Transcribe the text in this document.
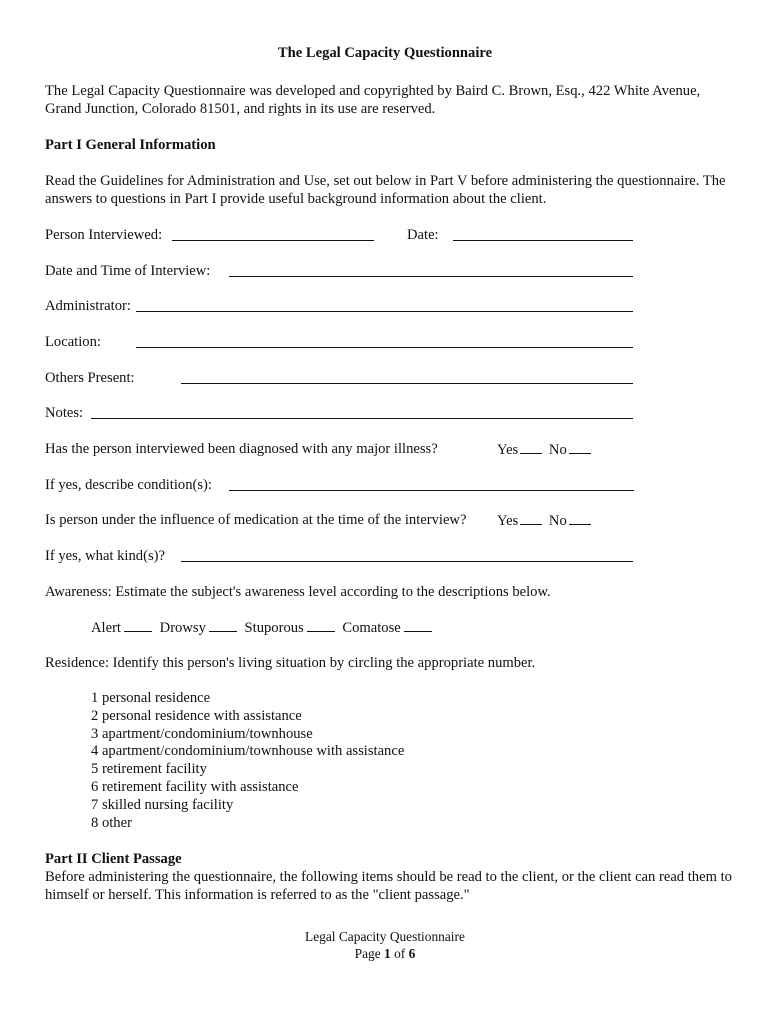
The Legal Capacity Questionnaire
The Legal Capacity Questionnaire was developed and copyrighted by Baird C. Brown, Esq., 422 White Avenue, Grand Junction, Colorado 81501, and rights in its use are reserved.
Part I General Information
Read the Guidelines for Administration and Use, set out below in Part V before administering the questionnaire. The answers to questions in Part I provide useful background information about the client.
Person Interviewed:	Date:
Date and Time of Interview:
Administrator:
Location:
Others Present:
Notes:
Has the person interviewed been diagnosed with any major illness?	Yes No
If yes, describe condition(s):
Is person under the influence of medication at the time of the interview? Yes No
If yes, what kind(s)?
Awareness: Estimate the subject's awareness level according to the descriptions below.
Alert	Drowsy	Stuporous	Comatose
Residence: Identify this person's living situation by circling the appropriate number.
1 personal residence
2 personal residence with assistance
3 apartment/condominium/townhouse
4 apartment/condominium/townhouse with assistance
5 retirement facility
6 retirement facility with assistance
7 skilled nursing facility
8 other
Part II Client Passage
Before administering the questionnaire, the following items should be read to the client, or the client can read them to himself or herself. This information is referred to as the "client passage."
Legal Capacity Questionnaire
Page 1 of 6
